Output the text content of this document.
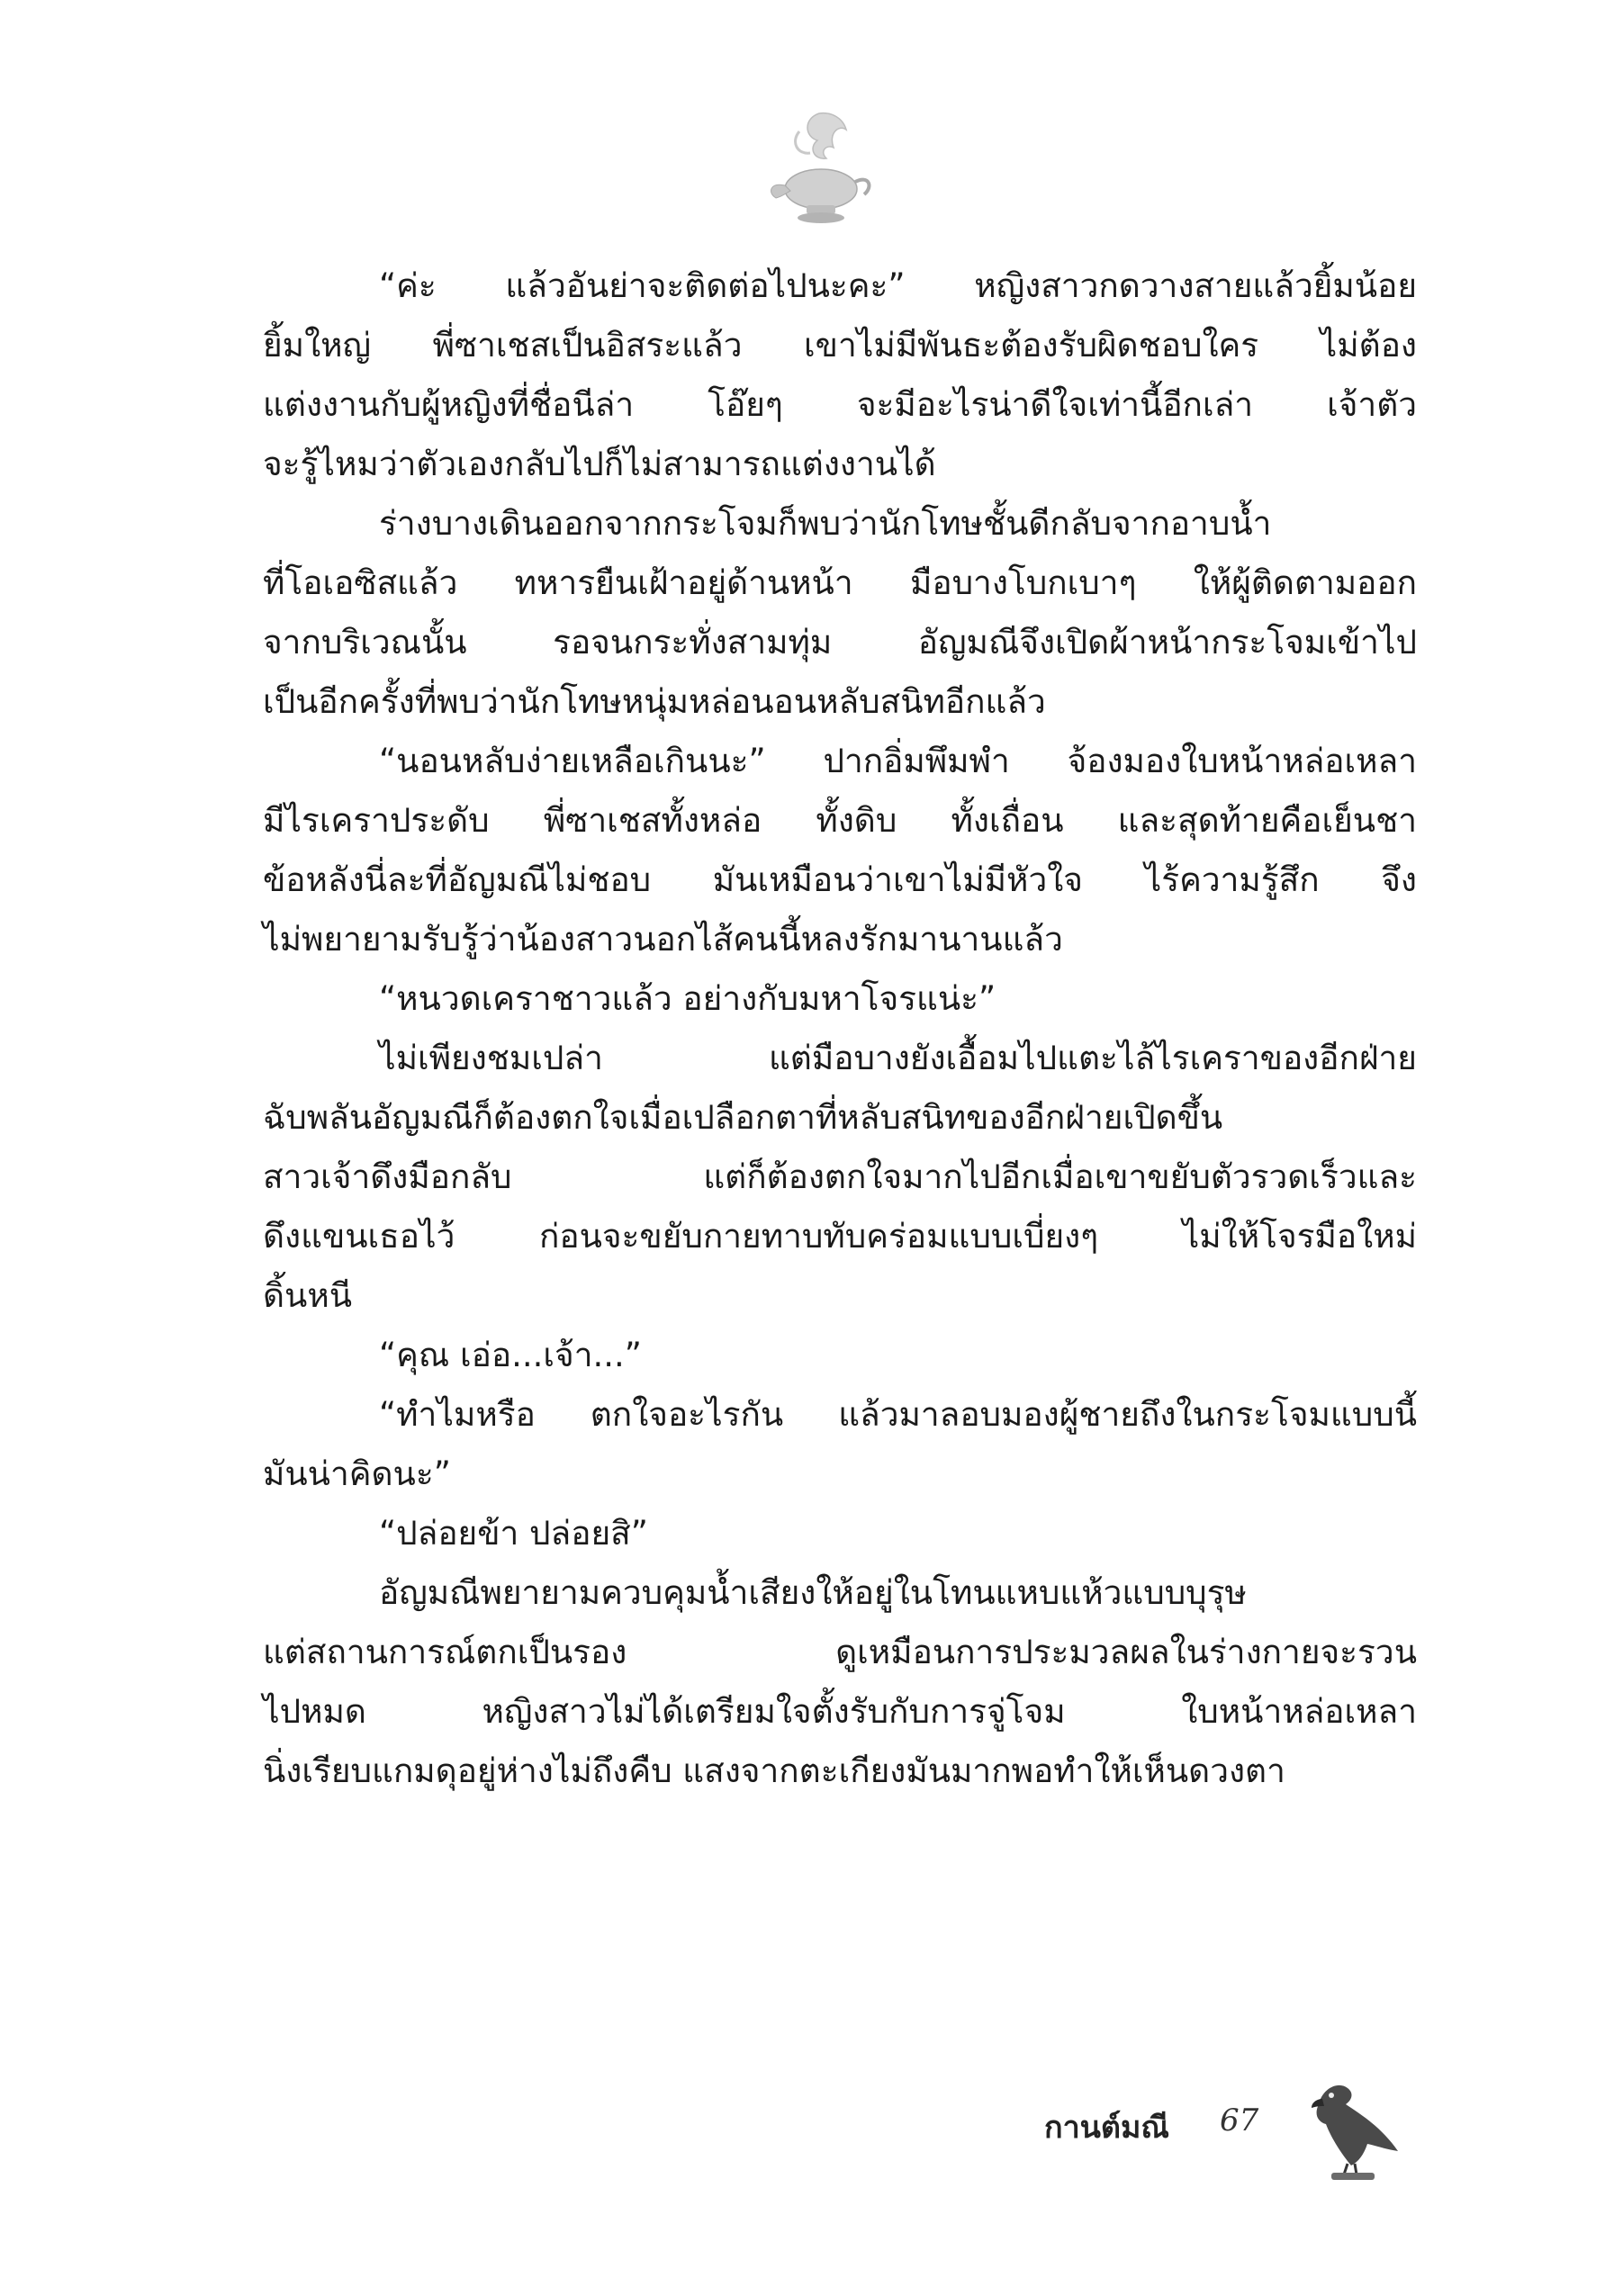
“ค่ะ แล้วอันย่าจะติดต่อไปนะคะ” หญิงสาวกดวางสายแล้วยิ้มน้อย
ยิ้มใหญ่ พี่ซาเชสเป็นอิสระแล้ว เขาไม่มีพันธะต้องรับผิดชอบใคร ไม่ต้อง
แต่งงานกับผู้หญิงที่ชื่อนีล่า โอ๊ยๆ จะมีอะไรน่าดีใจเท่านี้อีกเล่า เจ้าตัว
จะรู้ไหมว่าตัวเองกลับไปก็ไม่สามารถแต่งงานได้
ร่างบางเดินออกจากกระโจมก็พบว่านักโทษชั้นดีกลับจากอาบน้ำ
ที่โอเอซิสแล้ว ทหารยืนเฝ้าอยู่ด้านหน้า มือบางโบกเบาๆ ให้ผู้ติดตามออก
จากบริเวณนั้น รอจนกระทั่งสามทุ่ม อัญมณีจึงเปิดผ้าหน้ากระโจมเข้าไป
เป็นอีกครั้งที่พบว่านักโทษหนุ่มหล่อนอนหลับสนิทอีกแล้ว
“นอนหลับง่ายเหลือเกินนะ” ปากอิ่มพึมพำ จ้องมองใบหน้าหล่อเหลา
มีไรเคราประดับ พี่ซาเชสทั้งหล่อ ทั้งดิบ ทั้งเถื่อน และสุดท้ายคือเย็นชา
ข้อหลังนี่ละที่อัญมณีไม่ชอบ มันเหมือนว่าเขาไม่มีหัวใจ ไร้ความรู้สึก จึง
ไม่พยายามรับรู้ว่าน้องสาวนอกไส้คนนี้หลงรักมานานแล้ว
“หนวดเคราชาวแล้ว อย่างกับมหาโจรแน่ะ”
ไม่เพียงชมเปล่า แต่มือบางยังเอื้อมไปแตะไล้ไรเคราของอีกฝ่าย
ฉับพลันอัญมณีก็ต้องตกใจเมื่อเปลือกตาที่หลับสนิทของอีกฝ่ายเปิดขึ้น
สาวเจ้าดึงมือกลับ แต่ก็ต้องตกใจมากไปอีกเมื่อเขาขยับตัวรวดเร็วและ
ดึงแขนเธอไว้ ก่อนจะขยับกายทาบทับคร่อมแบบเบี่ยงๆ ไม่ให้โจรมือใหม่
ดิ้นหนี
“คุณ เอ่อ...เจ้า...”
“ทำไมหรือ ตกใจอะไรกัน แล้วมาลอบมองผู้ชายถึงในกระโจมแบบนี้
มันน่าคิดนะ”
“ปล่อยข้า ปล่อยสิ”
อัญมณีพยายามควบคุมน้ำเสียงให้อยู่ในโทนแหบแห้วแบบบุรุษ
แต่สถานการณ์ตกเป็นรอง ดูเหมือนการประมวลผลในร่างกายจะรวน
ไปหมด หญิงสาวไม่ได้เตรียมใจตั้งรับกับการจู่โจม ใบหน้าหล่อเหลา
นิ่งเรียบแกมดุอยู่ห่างไม่ถึงคืบ แสงจากตะเกียงมันมากพอทำให้เห็นดวงตา
กานต์มณี 67
